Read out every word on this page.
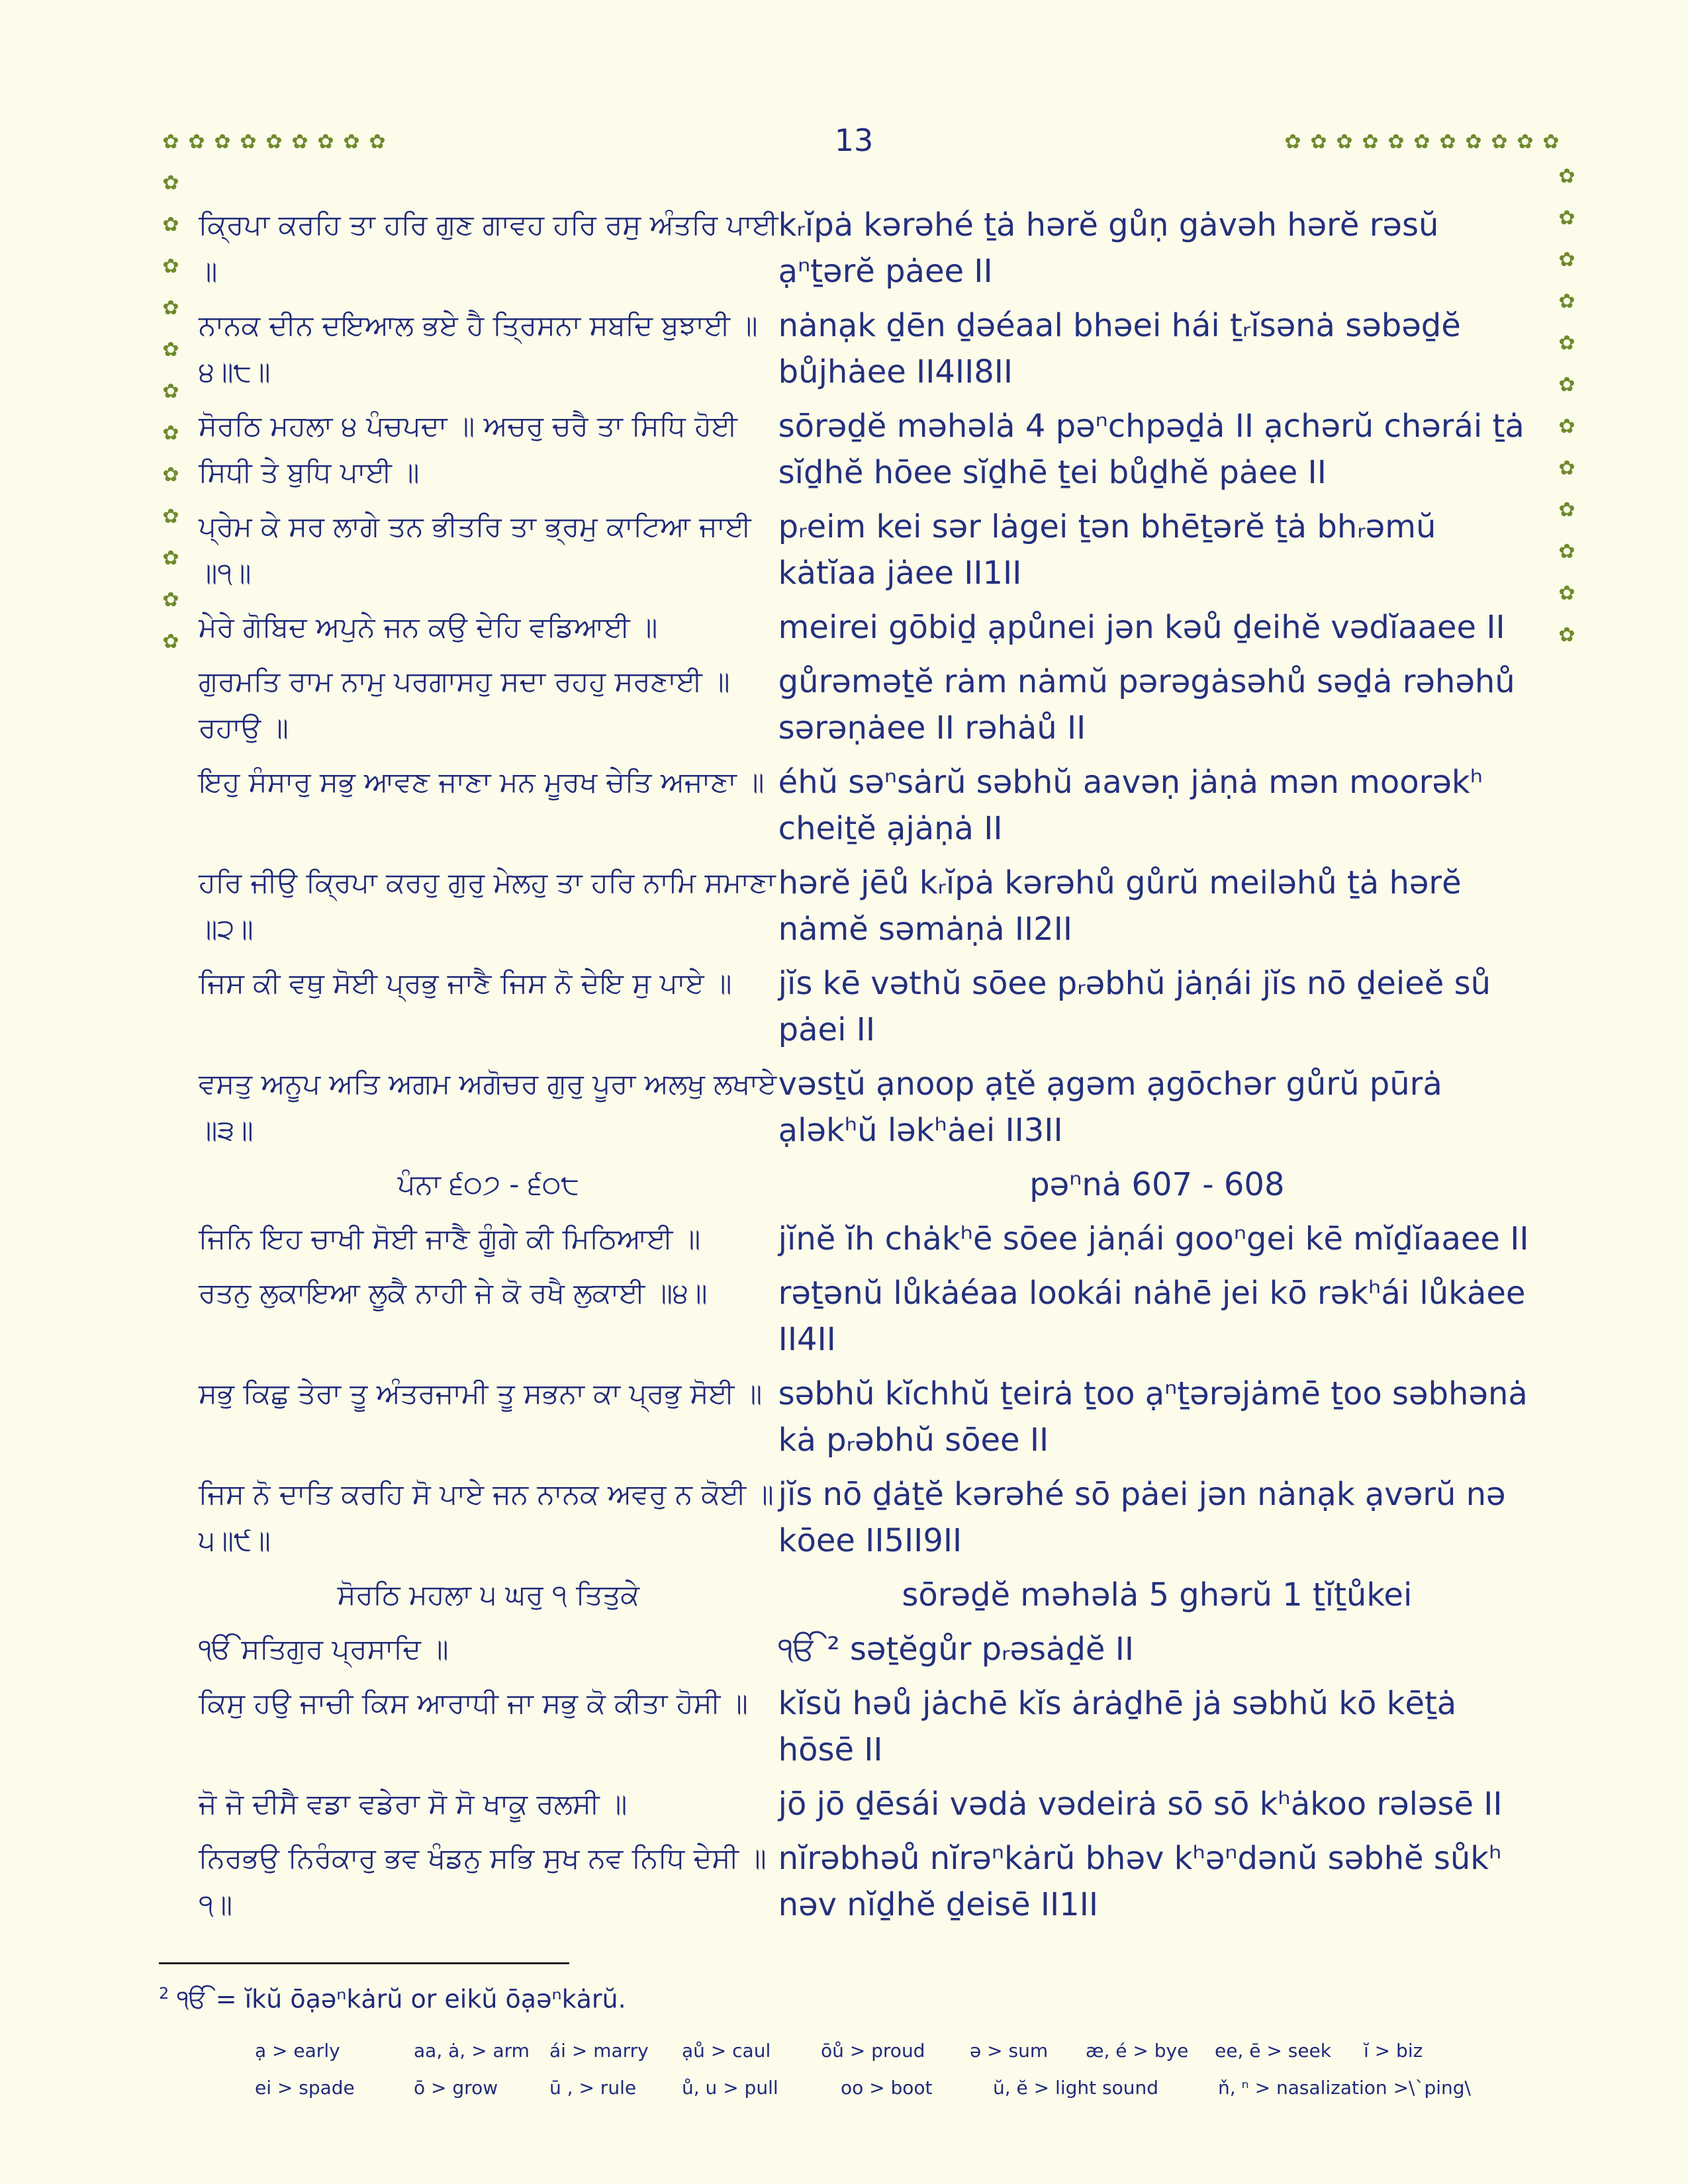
✿ ✿ ✿ ✿ ✿ ✿ ✿ ✿ ✿	✿ ✿ ✿ ✿ ✿ ✿ ✿ ✿ ✿ ✿ ✿
✿
✿
✿
✿
✿
✿
✿
✿
✿
✿
✿
✿
✿
✿
✿
✿
✿
✿
✿
✿
✿
✿
✿
✿
13
ਕ੍ਰਿਪਾ ਕਰਹਿ ਤਾ ਹਰਿ ਗੁਣ ਗਾਵਹ ਹਰਿ ਰਸੁ ਅੰਤਰਿ ਪਾਈ ॥
kᵣĭpȧ kərəhé ṯȧ hərĕ gůṇ gȧvəh hərĕ rəsŭ ạⁿṯərĕ pȧee II
ਨਾਨਕ ਦੀਨ ਦਇਆਲ ਭਏ ਹੈ ਤ੍ਰਿਸਨਾ ਸਬਦਿ ਬੁਝਾਈ ॥੪॥੮॥
nȧnạk ḏēn ḏəéaal bhəei hái ṯᵣĭsənȧ səbəḏĕ bůjhȧee II4II8II
ਸੋਰਠਿ ਮਹਲਾ ੪ ਪੰਚਪਦਾ ॥ ਅਚਰੁ ਚਰੈ ਤਾ ਸਿਧਿ ਹੋਈ ਸਿਧੀ ਤੇ ਬੁਧਿ ਪਾਈ ॥
sōrəḏĕ məhəlȧ 4 pəⁿchpəḏȧ II ạchərŭ chərái ṯȧ sĭḏhĕ hōee sĭḏhē ṯei bůḏhĕ pȧee II
ਪ੍ਰੇਮ ਕੇ ਸਰ ਲਾਗੇ ਤਨ ਭੀਤਰਿ ਤਾ ਭ੍ਰਮੁ ਕਾਟਿਆ ਜਾਈ ॥੧॥
pᵣeim kei sər lȧgei ṯən bhēṯərĕ ṯȧ bhᵣəmŭ kȧtĭaa jȧee II1II
ਮੇਰੇ ਗੋਬਿਦ ਅਪੁਨੇ ਜਨ ਕਉ ਦੇਹਿ ਵਡਿਆਈ ॥	meirei gōbiḏ ạpůnei jən kəů ḏeihĕ vədĭaaee II
ਗੁਰਮਤਿ ਰਾਮ ਨਾਮੁ ਪਰਗਾਸਹੁ ਸਦਾ ਰਹਹੁ ਸਰਣਾਈ ॥ ਰਹਾਉ ॥
gůrəməṯĕ rȧm nȧmŭ pərəgȧsəhů səḏȧ rəhəhů sərəṇȧee II rəhȧů II
ਇਹੁ ਸੰਸਾਰੁ ਸਭੁ ਆਵਣ ਜਾਣਾ ਮਨ ਮੂਰਖ ਚੇਤਿ ਅਜਾਣਾ ॥ éhŭ səⁿsȧrŭ səbhŭ aavəṇ jȧṇȧ mən moorəkʰ cheiṯĕ ạjȧṇȧ II
ਹਰਿ ਜੀਉ ਕ੍ਰਿਪਾ ਕਰਹੁ ਗੁਰੁ ਮੇਲਹੁ ਤਾ ਹਰਿ ਨਾਮਿ ਸਮਾਣਾ ॥੨॥
hərĕ jēů kᵣĭpȧ kərəhů gůrŭ meiləhů ṯȧ hərĕ nȧmĕ səmȧṇȧ II2II
ਜਿਸ ਕੀ ਵਥੁ ਸੋਈ ਪ੍ਰਭੁ ਜਾਣੈ ਜਿਸ ਨੋ ਦੇਇ ਸੁ ਪਾਏ ॥	jĭs kē vəthŭ sōee pᵣəbhŭ jȧṇái jĭs nō ḏeieĕ sů pȧei II
ਵਸਤੁ ਅਨੂਪ ਅਤਿ ਅਗਮ ਅਗੋਚਰ ਗੁਰੁ ਪੂਰਾ ਅਲਖੁ ਲਖਾਏ ॥੩॥
vəsṯŭ ạnoop ạṯĕ ạgəm ạgōchər gůrŭ pūrȧ ạləkʰŭ ləkʰȧei II3II
ਪੰਨਾ ੬੦੭ - ੬੦੮	pəⁿnȧ 607 - 608
ਜਿਨਿ ਇਹ ਚਾਖੀ ਸੋਈ ਜਾਣੈ ਗੂੰਗੇ ਕੀ ਮਿਠਿਆਈ ॥	jĭnĕ ĭh chȧkʰē sōee jȧṇái gooⁿgei kē mĭḏĭaaee II
ਰਤਨੁ ਲੁਕਾਇਆ ਲੂਕੈ ਨਾਹੀ ਜੇ ਕੋ ਰਖੈ ਲੁਕਾਈ ॥੪॥	rəṯənŭ lůkȧéaa lookái nȧhē jei kō rəkʰái lůkȧee II4II
ਸਭੁ ਕਿਛੁ ਤੇਰਾ ਤੂ ਅੰਤਰਜਾਮੀ ਤੂ ਸਭਨਾ ਕਾ ਪ੍ਰਭੁ ਸੋਈ ॥ səbhŭ kĭchhŭ ṯeirȧ ṯoo ạⁿṯərəjȧmē ṯoo səbhənȧ kȧ pᵣəbhŭ sōee II
ਜਿਸ ਨੋ ਦਾਤਿ ਕਰਹਿ ਸੋ ਪਾਏ ਜਨ ਨਾਨਕ ਅਵਰੁ ਨ ਕੋਈ ॥੫॥੯॥
jĭs nō ḏȧṯĕ kərəhé sō pȧei jən nȧnạk ạvərŭ nə kōee II5II9II
ਸੋਰਠਿ ਮਹਲਾ ੫ ਘਰੁ ੧ ਤਿਤੁਕੇ	sōrəḏĕ məhəlȧ 5 ghərŭ 1 ṯĭṯůkei
ੴ ਸਤਿਗੁਰ ਪ੍ਰਸਾਦਿ ॥	ੴ ² səṯĕgůr pᵣəsȧḏĕ II
ਕਿਸੁ ਹਉ ਜਾਚੀ ਕਿਸ ਆਰਾਧੀ ਜਾ ਸਭੁ ਕੋ ਕੀਤਾ ਹੋਸੀ ॥ kĭsŭ həů jȧchē kĭs ȧrȧḏhē jȧ səbhŭ kō kēṯȧ hōsē II
ਜੋ ਜੋ ਦੀਸੈ ਵਡਾ ਵਡੇਰਾ ਸੋ ਸੋ ਖਾਕੂ ਰਲਸੀ ॥	jō jō ḏēsái vədȧ vədeirȧ sō sō kʰȧkoo rələsē II
ਨਿਰਭਉ ਨਿਰੰਕਾਰੁ ਭਵ ਖੰਡਨੁ ਸਭਿ ਸੁਖ ਨਵ ਨਿਧਿ ਦੇਸੀ ॥੧॥
nĭrəbhəů nĭrəⁿkȧrŭ bhəv kʰəⁿdənŭ səbhĕ sůkʰ nəv nĭḏhĕ ḏeisē II1II
$^2$ ੴ = ĭkŭ ōạəⁿkȧrŭ or eikŭ ōạəⁿkȧrŭ.
ạ > early	aa, ȧ, > arm	ái > marry	ạů > caul	ōů > proud	ə > sum	æ, é > bye	ee, ē > seek	ĭ > biz
ei > spade	ō > grow	ū , > rule	ů, u > pull	oo > boot	ŭ, ĕ > light sound	ň, ⁿ > nasalization >\`ping\
